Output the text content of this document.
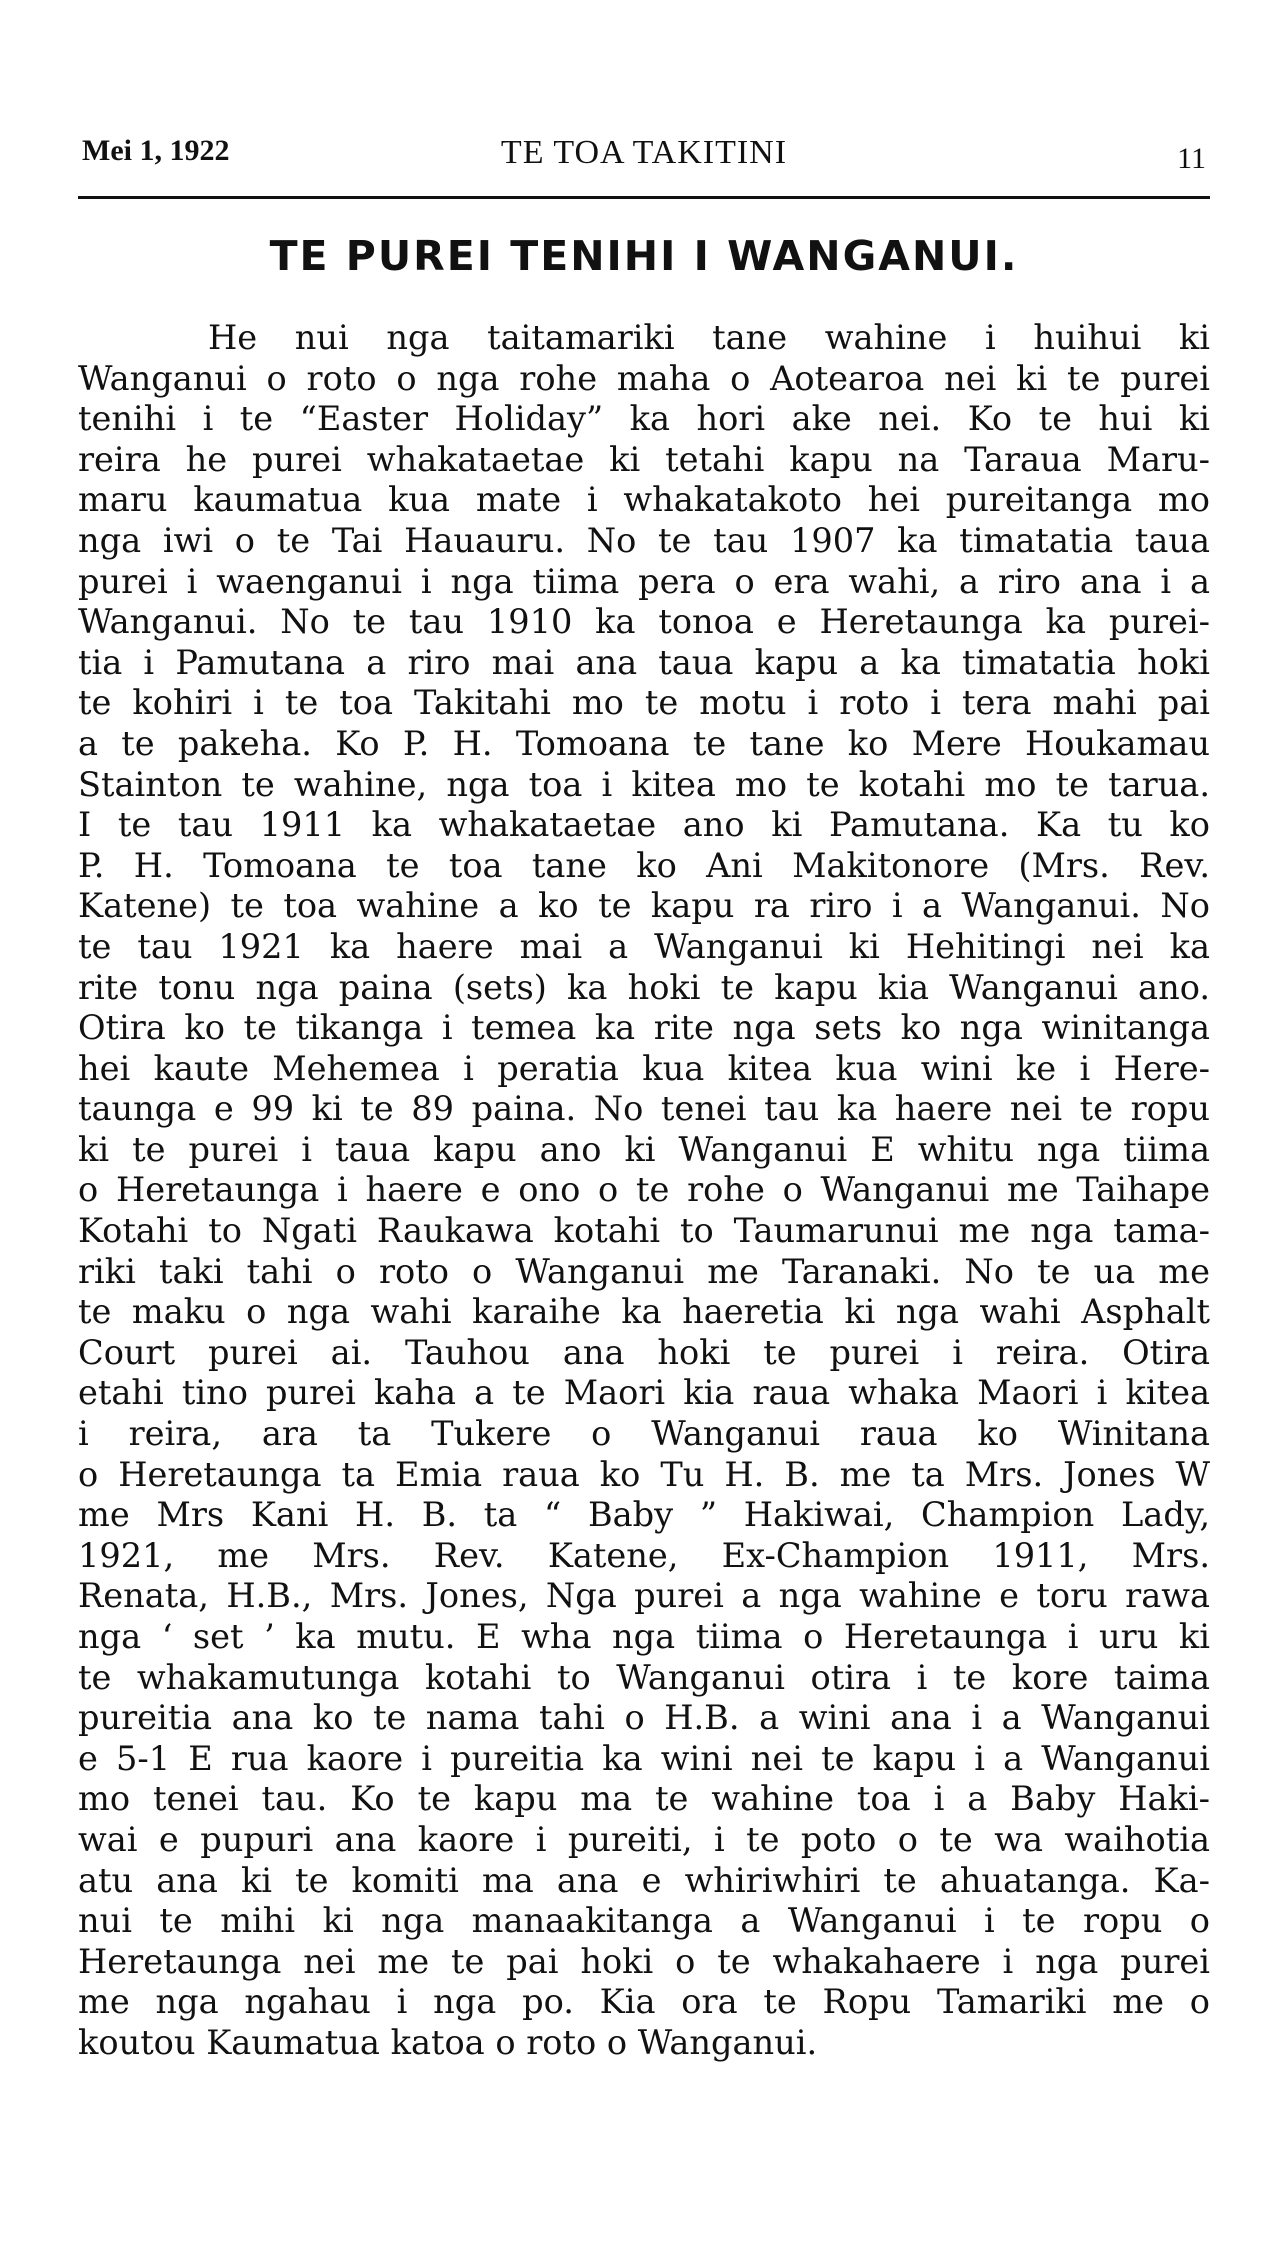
Mei 1, 1922	TE TOA TAKITINI	11
TE PUREI TENIHI I WANGANUI.
He nui nga taitamariki tane wahine i huihui ki
Wanganui o roto o nga rohe maha o Aotearoa nei ki te purei
tenihi i te “Easter Holiday” ka hori ake nei. Ko te hui ki
reira he purei whakataetae ki tetahi kapu na Taraua Maru-
maru kaumatua kua mate i whakatakoto hei pureitanga mo
nga iwi o te Tai Hauauru. No te tau 1907 ka timatatia taua
purei i waenganui i nga tiima pera o era wahi, a riro ana i a
Wanganui. No te tau 1910 ka tonoa e Heretaunga ka purei-
tia i Pamutana a riro mai ana taua kapu a ka timatatia hoki
te kohiri i te toa Takitahi mo te motu i roto i tera mahi pai
a te pakeha. Ko P. H. Tomoana te tane ko Mere Houkamau
Stainton te wahine, nga toa i kitea mo te kotahi mo te tarua.
I te tau 1911 ka whakataetae ano ki Pamutana. Ka tu ko
P. H. Tomoana te toa tane ko Ani Makitonore (Mrs. Rev.
Katene) te toa wahine a ko te kapu ra riro i a Wanganui. No
te tau 1921 ka haere mai a Wanganui ki Hehitingi nei ka
rite tonu nga paina (sets) ka hoki te kapu kia Wanganui ano.
Otira ko te tikanga i temea ka rite nga sets ko nga winitanga
hei kaute Mehemea i peratia kua kitea kua wini ke i Here-
taunga e 99 ki te 89 paina. No tenei tau ka haere nei te ropu
ki te purei i taua kapu ano ki Wanganui E whitu nga tiima
o Heretaunga i haere e ono o te rohe o Wanganui me Taihape
Kotahi to Ngati Raukawa kotahi to Taumarunui me nga tama-
riki taki tahi o roto o Wanganui me Taranaki. No te ua me
te maku o nga wahi karaihe ka haeretia ki nga wahi Asphalt
Court purei ai. Tauhou ana hoki te purei i reira. Otira
etahi tino purei kaha a te Maori kia raua whaka Maori i kitea
i reira, ara ta Tukere o Wanganui raua ko Winitana
o Heretaunga ta Emia raua ko Tu H. B. me ta Mrs. Jones W
me Mrs Kani H. B. ta “ Baby ” Hakiwai, Champion Lady,
1921, me Mrs. Rev. Katene, Ex-Champion 1911, Mrs.
Renata, H.B., Mrs. Jones, Nga purei a nga wahine e toru rawa
nga ‘ set ’ ka mutu. E wha nga tiima o Heretaunga i uru ki
te whakamutunga kotahi to Wanganui otira i te kore taima
pureitia ana ko te nama tahi o H.B. a wini ana i a Wanganui
e 5-1 E rua kaore i pureitia ka wini nei te kapu i a Wanganui
mo tenei tau. Ko te kapu ma te wahine toa i a Baby Haki-
wai e pupuri ana kaore i pureiti, i te poto o te wa waihotia
atu ana ki te komiti ma ana e whiriwhiri te ahuatanga. Ka-
nui te mihi ki nga manaakitanga a Wanganui i te ropu o
Heretaunga nei me te pai hoki o te whakahaere i nga purei
me nga ngahau i nga po. Kia ora te Ropu Tamariki me o
koutou Kaumatua katoa o roto o Wanganui.
